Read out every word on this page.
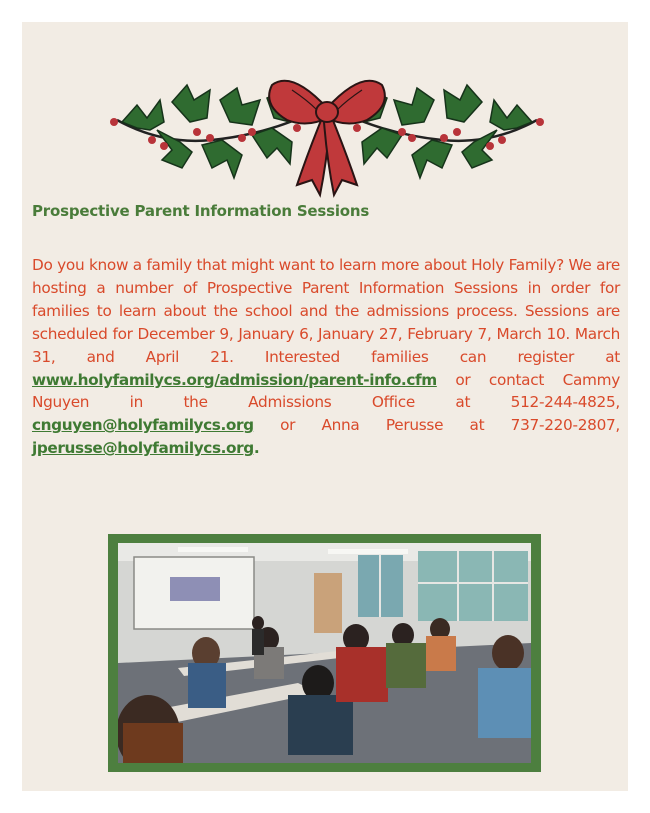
Prospective Parent Information Sessions

Do you know a family that might want to learn more about Holy Family? We are hosting a number of Prospective Parent Information Sessions in order for families to learn about the school and the admissions process. Sessions are scheduled for December 9, January 6, January 27, February 7, March 10. March 31, and April 21. Interested families can register at www.holyfamilycs.org/admission/parent-info.cfm or contact Cammy Nguyen in the Admissions Office at 512-244-4825, cnguyen@holyfamilycs.org or Anna Perusse at 737-220-2807, jperusse@holyfamilycs.org.
